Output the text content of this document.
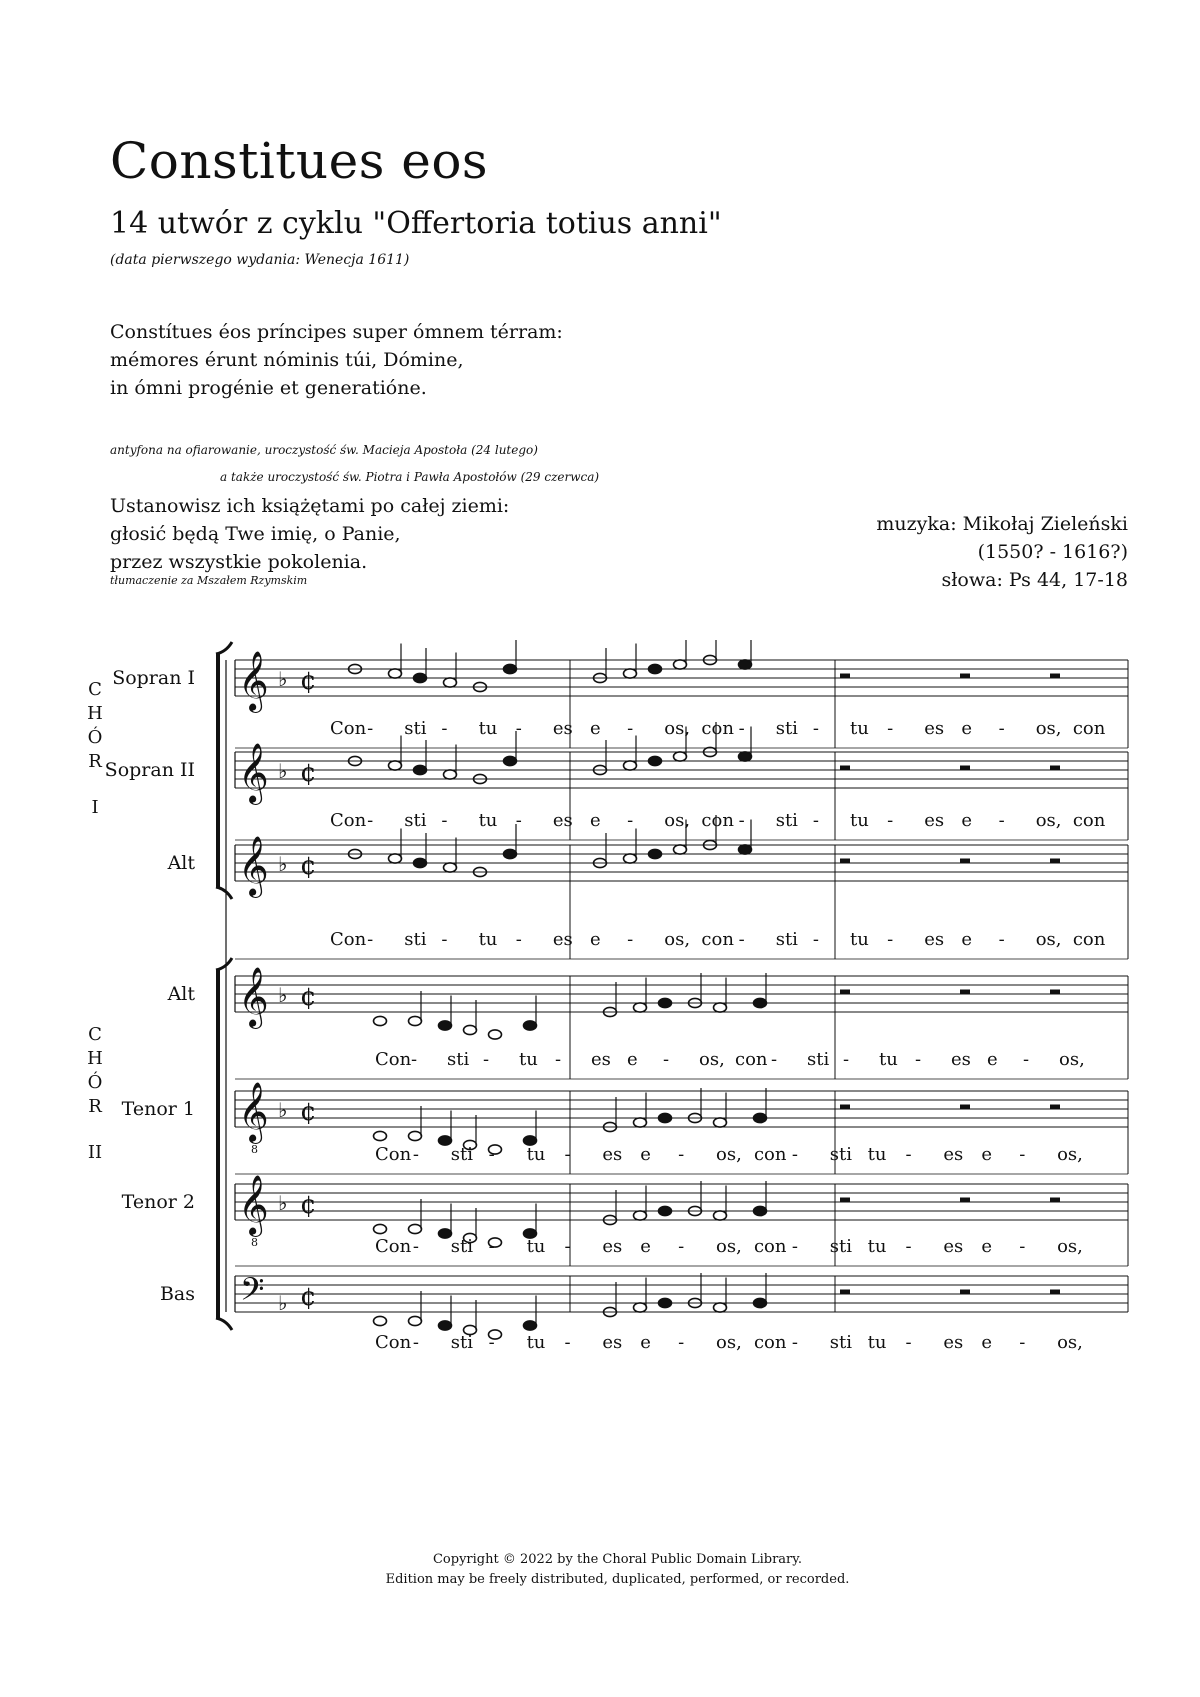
Constitues eos
14 utwór z cyklu "Offertoria totius anni"
(data pierwszego wydania: Wenecja 1611)
Constítues éos príncipes super ómnem térram:
mémores érunt nóminis túi, Dómine,
in ómni progénie et generatióne.
antyfona na ofiarowanie, uroczystość św. Macieja Apostoła (24 lutego)
a także uroczystość św. Piotra i Pawła Apostołów (29 czerwca)
Ustanowisz ich książętami po całej ziemi:
głosić będą Twe imię, o Panie,
przez wszystkie pokolenia.
tłumaczenie za Mszałem Rzymskim
muzyka: Mikołaj Zieleński
(1550? - 1616?)
słowa: Ps 44, 17-18
C
H
Ó
R
I
C
H
Ó
R
II
Sopran I 𝄞 ♭ ¢
Con - sti - tu - es e - os, con - sti - tu - es e - os, con
Sopran II 𝄞 ♭ ¢
Con - sti - tu - es e - os, con - sti - tu - es e - os, con
Alt 𝄞 ♭ ¢
Con - sti - tu - es e - os, con - sti - tu - es e - os, con
Alt 𝄞 ♭ ¢
Con - sti - tu - es e - os, con - sti - tu - es e - os,
Tenor 1 𝄞
8
♭ ¢
Con - sti - tu - es e - os, con - sti tu - es e - os,
Tenor 2 𝄞
8
♭ ¢
Con - sti - tu - es e - os, con - sti tu - es e - os,
Bas 𝄢 ♭ ¢
Con - sti - tu - es e - os, con - sti tu - es e - os,
Copyright © 2022 by the Choral Public Domain Library.
Edition may be freely distributed, duplicated, performed, or recorded.
